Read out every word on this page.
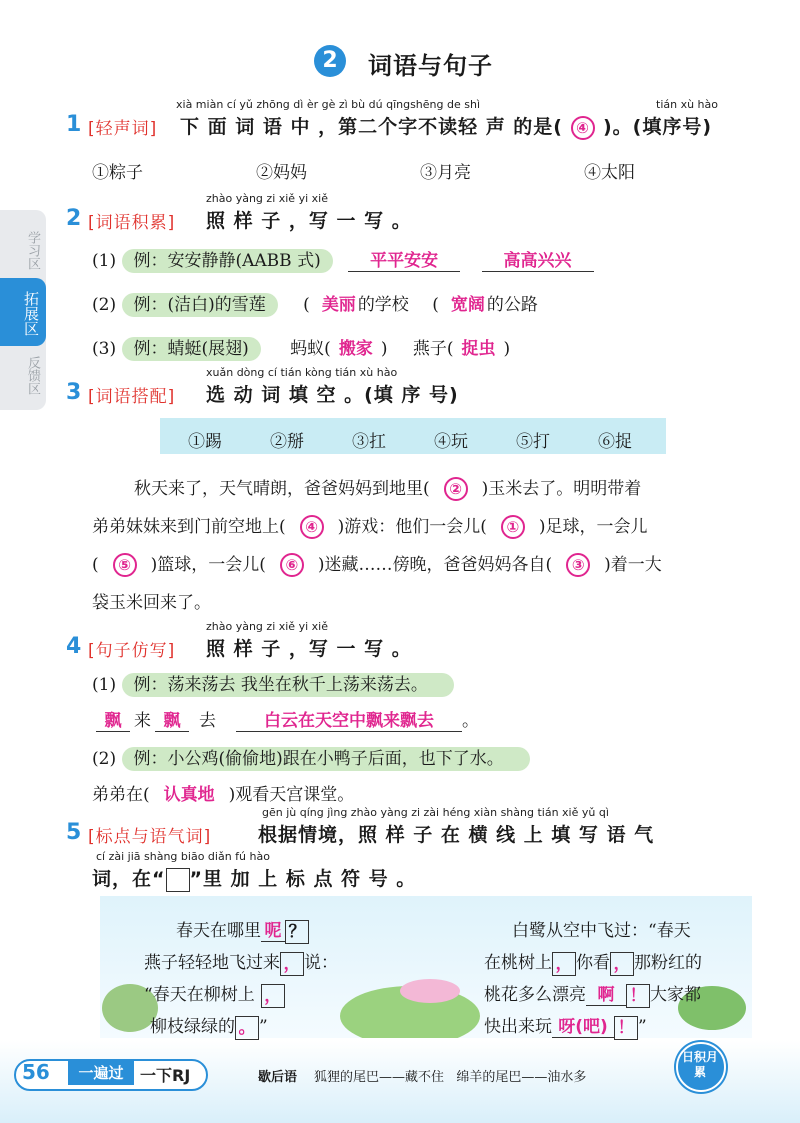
学习区
拓展区
反馈区
2	词语与句子
xià miàn cí yǔ zhōng dì èr gè zì bù dú qīngshēng de shì	tián xù hào
1 [轻声词] 下 面 词 语 中 ，第二个字不读轻 声 的是( ④ )。(填序号)
①粽子	②妈妈	③月亮	④太阳
zhào yàng zi xiě yi xiě
2 [词语积累] 照 样 子 ，写 一 写 。
(1) 例：安安静静(AABB 式)	平平安安	高高兴兴
(2) 例：(洁白)的雪莲 ( 美丽 的学校 ( 宽阔 的公路
(3) 例：蜻蜓(展翅) 蚂蚁( 搬家 ) 燕子( 捉虫 )
xuǎn dòng cí tián kòng tián xù hào
3 [词语搭配] 选 动 词 填 空 。(填 序 号)
①踢	②掰	③扛	④玩	⑤打	⑥捉
秋天来了，天气晴朗，爸爸妈妈到地里( ② )玉米去了。明明带着
弟弟妹妹来到门前空地上( ④ )游戏：他们一会儿( ① )足球，一会儿
( ⑤ )篮球，一会儿( ⑥ )迷藏……傍晚，爸爸妈妈各自( ③ )着一大
袋玉米回来了。
zhào yàng zi xiě yi xiě
4 [句子仿写] 照 样 子 ，写 一 写 。
(1) 例：荡来荡去 我坐在秋千上荡来荡去。
飘 来 飘 去	白云在天空中飘来飘去 。
(2) 例：小公鸡(偷偷地)跟在小鸭子后面，也下了水。
弟弟在( 认真地 )观看天宫课堂。
gēn jù qíng jìng zhào yàng zi zài héng xiàn shàng tián xiě yǔ qì
5 [标点与语气词] 根据情境，照 样 子 在 横 线 上 填 写 语 气
cí zài jiā shàng biāo diǎn fú hào
词，在“ ”里 加 上 标 点 符 号 。
春天在哪里 呢 ？
燕子轻轻地飞过来 ， 说：
“春天在柳树上 ，
柳枝绿绿的 。 ”
白鹭从空中飞过：“春天
在桃树上 ， 你看 ， 那粉红的
桃花多么漂亮 啊 ！ 大家都
快出来玩 呀(吧) ！ ”
56	一遍过	一下RJ	歇后语 狐狸的尾巴——藏不住   绵羊的尾巴——油水多
日积月累
